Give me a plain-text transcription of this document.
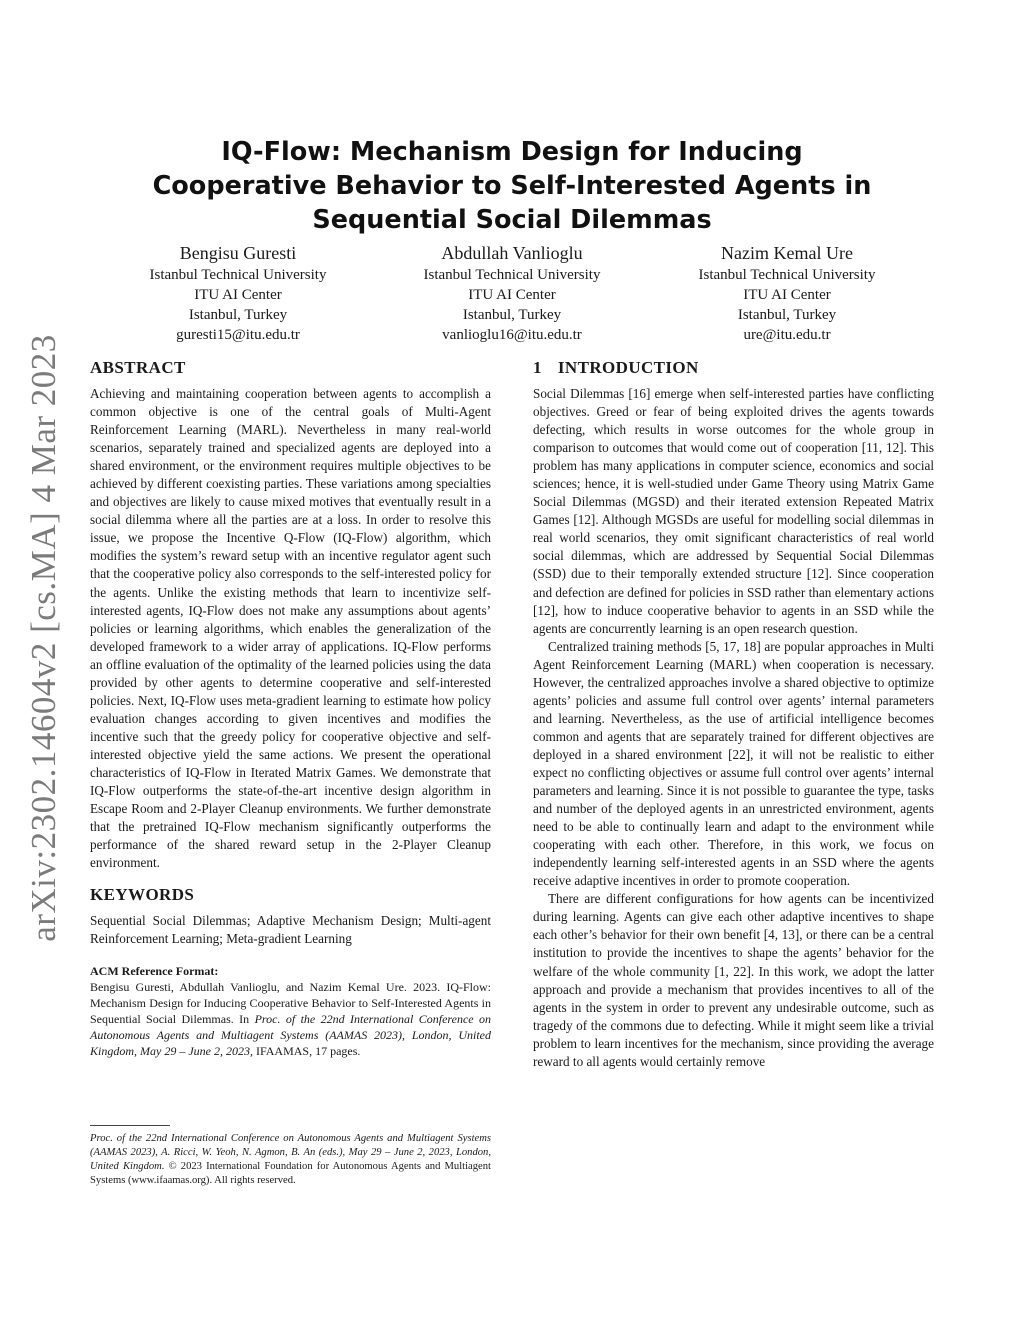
arXiv:2302.14604v2 [cs.MA] 4 Mar 2023
IQ-Flow: Mechanism Design for Inducing Cooperative Behavior to Self-Interested Agents in Sequential Social Dilemmas
Bengisu Guresti
Istanbul Technical University
ITU AI Center
Istanbul, Turkey
guresti15@itu.edu.tr
Abdullah Vanlioglu
Istanbul Technical University
ITU AI Center
Istanbul, Turkey
vanlioglu16@itu.edu.tr
Nazim Kemal Ure
Istanbul Technical University
ITU AI Center
Istanbul, Turkey
ure@itu.edu.tr
ABSTRACT

Achieving and maintaining cooperation between agents to accomplish a common objective is one of the central goals of Multi-Agent Reinforcement Learning (MARL). Nevertheless in many real-world scenarios, separately trained and specialized agents are deployed into a shared environment, or the environment requires multiple objectives to be achieved by different coexisting parties. These variations among specialties and objectives are likely to cause mixed motives that eventually result in a social dilemma where all the parties are at a loss. In order to resolve this issue, we propose the Incentive Q-Flow (IQ-Flow) algorithm, which modifies the system’s reward setup with an incentive regulator agent such that the cooperative policy also corresponds to the self-interested policy for the agents. Unlike the existing methods that learn to incentivize self-interested agents, IQ-Flow does not make any assumptions about agents’ policies or learning algorithms, which enables the generalization of the developed framework to a wider array of applications. IQ-Flow performs an offline evaluation of the optimality of the learned policies using the data provided by other agents to determine cooperative and self-interested policies. Next, IQ-Flow uses meta-gradient learning to estimate how policy evaluation changes according to given incentives and modifies the incentive such that the greedy policy for cooperative objective and self-interested objective yield the same actions. We present the operational characteristics of IQ-Flow in Iterated Matrix Games. We demonstrate that IQ-Flow outperforms the state-of-the-art incentive design algorithm in Escape Room and 2-Player Cleanup environments. We further demonstrate that the pretrained IQ-Flow mechanism significantly outperforms the performance of the shared reward setup in the 2-Player Cleanup environment.

KEYWORDS

Sequential Social Dilemmas; Adaptive Mechanism Design; Multi-agent Reinforcement Learning; Meta-gradient Learning

ACM Reference Format:
Bengisu Guresti, Abdullah Vanlioglu, and Nazim Kemal Ure. 2023. IQ-Flow: Mechanism Design for Inducing Cooperative Behavior to Self-Interested Agents in Sequential Social Dilemmas. In Proc. of the 22nd International Conference on Autonomous Agents and Multiagent Systems (AAMAS 2023), London, United Kingdom, May 29 – June 2, 2023, IFAAMAS, 17 pages.
Proc. of the 22nd International Conference on Autonomous Agents and Multiagent Systems (AAMAS 2023), A. Ricci, W. Yeoh, N. Agmon, B. An (eds.), May 29 – June 2, 2023, London, United Kingdom. © 2023 International Foundation for Autonomous Agents and Multiagent Systems (www.ifaamas.org). All rights reserved.
1 INTRODUCTION

Social Dilemmas [16] emerge when self-interested parties have conflicting objectives. Greed or fear of being exploited drives the agents towards defecting, which results in worse outcomes for the whole group in comparison to outcomes that would come out of cooperation [11, 12]. This problem has many applications in computer science, economics and social sciences; hence, it is well-studied under Game Theory using Matrix Game Social Dilemmas (MGSD) and their iterated extension Repeated Matrix Games [12]. Although MGSDs are useful for modelling social dilemmas in real world scenarios, they omit significant characteristics of real world social dilemmas, which are addressed by Sequential Social Dilemmas (SSD) due to their temporally extended structure [12]. Since cooperation and defection are defined for policies in SSD rather than elementary actions [12], how to induce cooperative behavior to agents in an SSD while the agents are concurrently learning is an open research question.

Centralized training methods [5, 17, 18] are popular approaches in Multi Agent Reinforcement Learning (MARL) when cooperation is necessary. However, the centralized approaches involve a shared objective to optimize agents’ policies and assume full control over agents’ internal parameters and learning. Nevertheless, as the use of artificial intelligence becomes common and agents that are separately trained for different objectives are deployed in a shared environment [22], it will not be realistic to either expect no conflicting objectives or assume full control over agents’ internal parameters and learning. Since it is not possible to guarantee the type, tasks and number of the deployed agents in an unrestricted environment, agents need to be able to continually learn and adapt to the environment while cooperating with each other. Therefore, in this work, we focus on independently learning self-interested agents in an SSD where the agents receive adaptive incentives in order to promote cooperation.

There are different configurations for how agents can be incentivized during learning. Agents can give each other adaptive incentives to shape each other’s behavior for their own benefit [4, 13], or there can be a central institution to provide the incentives to shape the agents’ behavior for the welfare of the whole community [1, 22]. In this work, we adopt the latter approach and provide a mechanism that provides incentives to all of the agents in the system in order to prevent any undesirable outcome, such as tragedy of the commons due to defecting. While it might seem like a trivial problem to learn incentives for the mechanism, since providing the average reward to all agents would certainly remove
